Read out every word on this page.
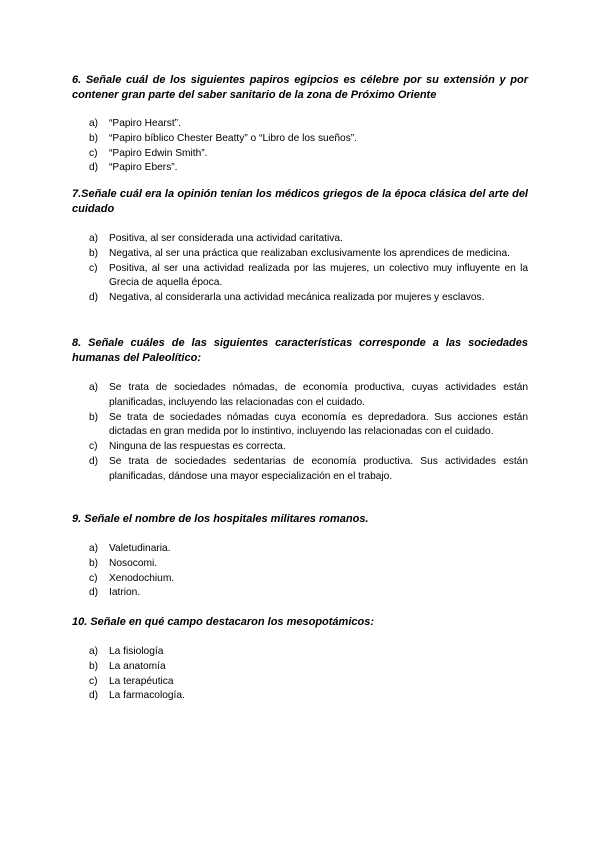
6. Señale cuál de los siguientes papiros egipcios es célebre por su extensión y por contener gran parte del saber sanitario de la zona de Próximo Oriente

a) “Papiro Hearst”.
b) “Papiro bíblico Chester Beatty” o “Libro de los sueños”.
c) “Papiro Edwin Smith”.
d) “Papiro Ebers”.

7.Señale cuál era la opinión tenían los médicos griegos de la época clásica del arte del cuidado

a) Positiva, al ser considerada una actividad caritativa.
b) Negativa, al ser una práctica que realizaban exclusivamente los aprendices de medicina.
c) Positiva, al ser una actividad realizada por las mujeres, un colectivo muy influyente en la Grecia de aquella época.
d) Negativa, al considerarla una actividad mecánica realizada por mujeres y esclavos.

8. Señale cuáles de las siguientes características corresponde a las sociedades humanas del Paleolítico:

a) Se trata de sociedades nómadas, de economía productiva, cuyas actividades están planificadas, incluyendo las relacionadas con el cuidado.
b) Se trata de sociedades nómadas cuya economía es depredadora. Sus acciones están dictadas en gran medida por lo instintivo, incluyendo las relacionadas con el cuidado.
c) Ninguna de las respuestas es correcta.
d) Se trata de sociedades sedentarias de economía productiva. Sus actividades están planificadas, dándose una mayor especialización en el trabajo.

9. Señale el nombre de los hospitales militares romanos.

a) Valetudinaria.
b) Nosocomi.
c) Xenodochium.
d) Iatrion.

10. Señale en qué campo destacaron los mesopotámicos:

a) La fisiología
b) La anatomía
c) La terapéutica
d) La farmacología.
